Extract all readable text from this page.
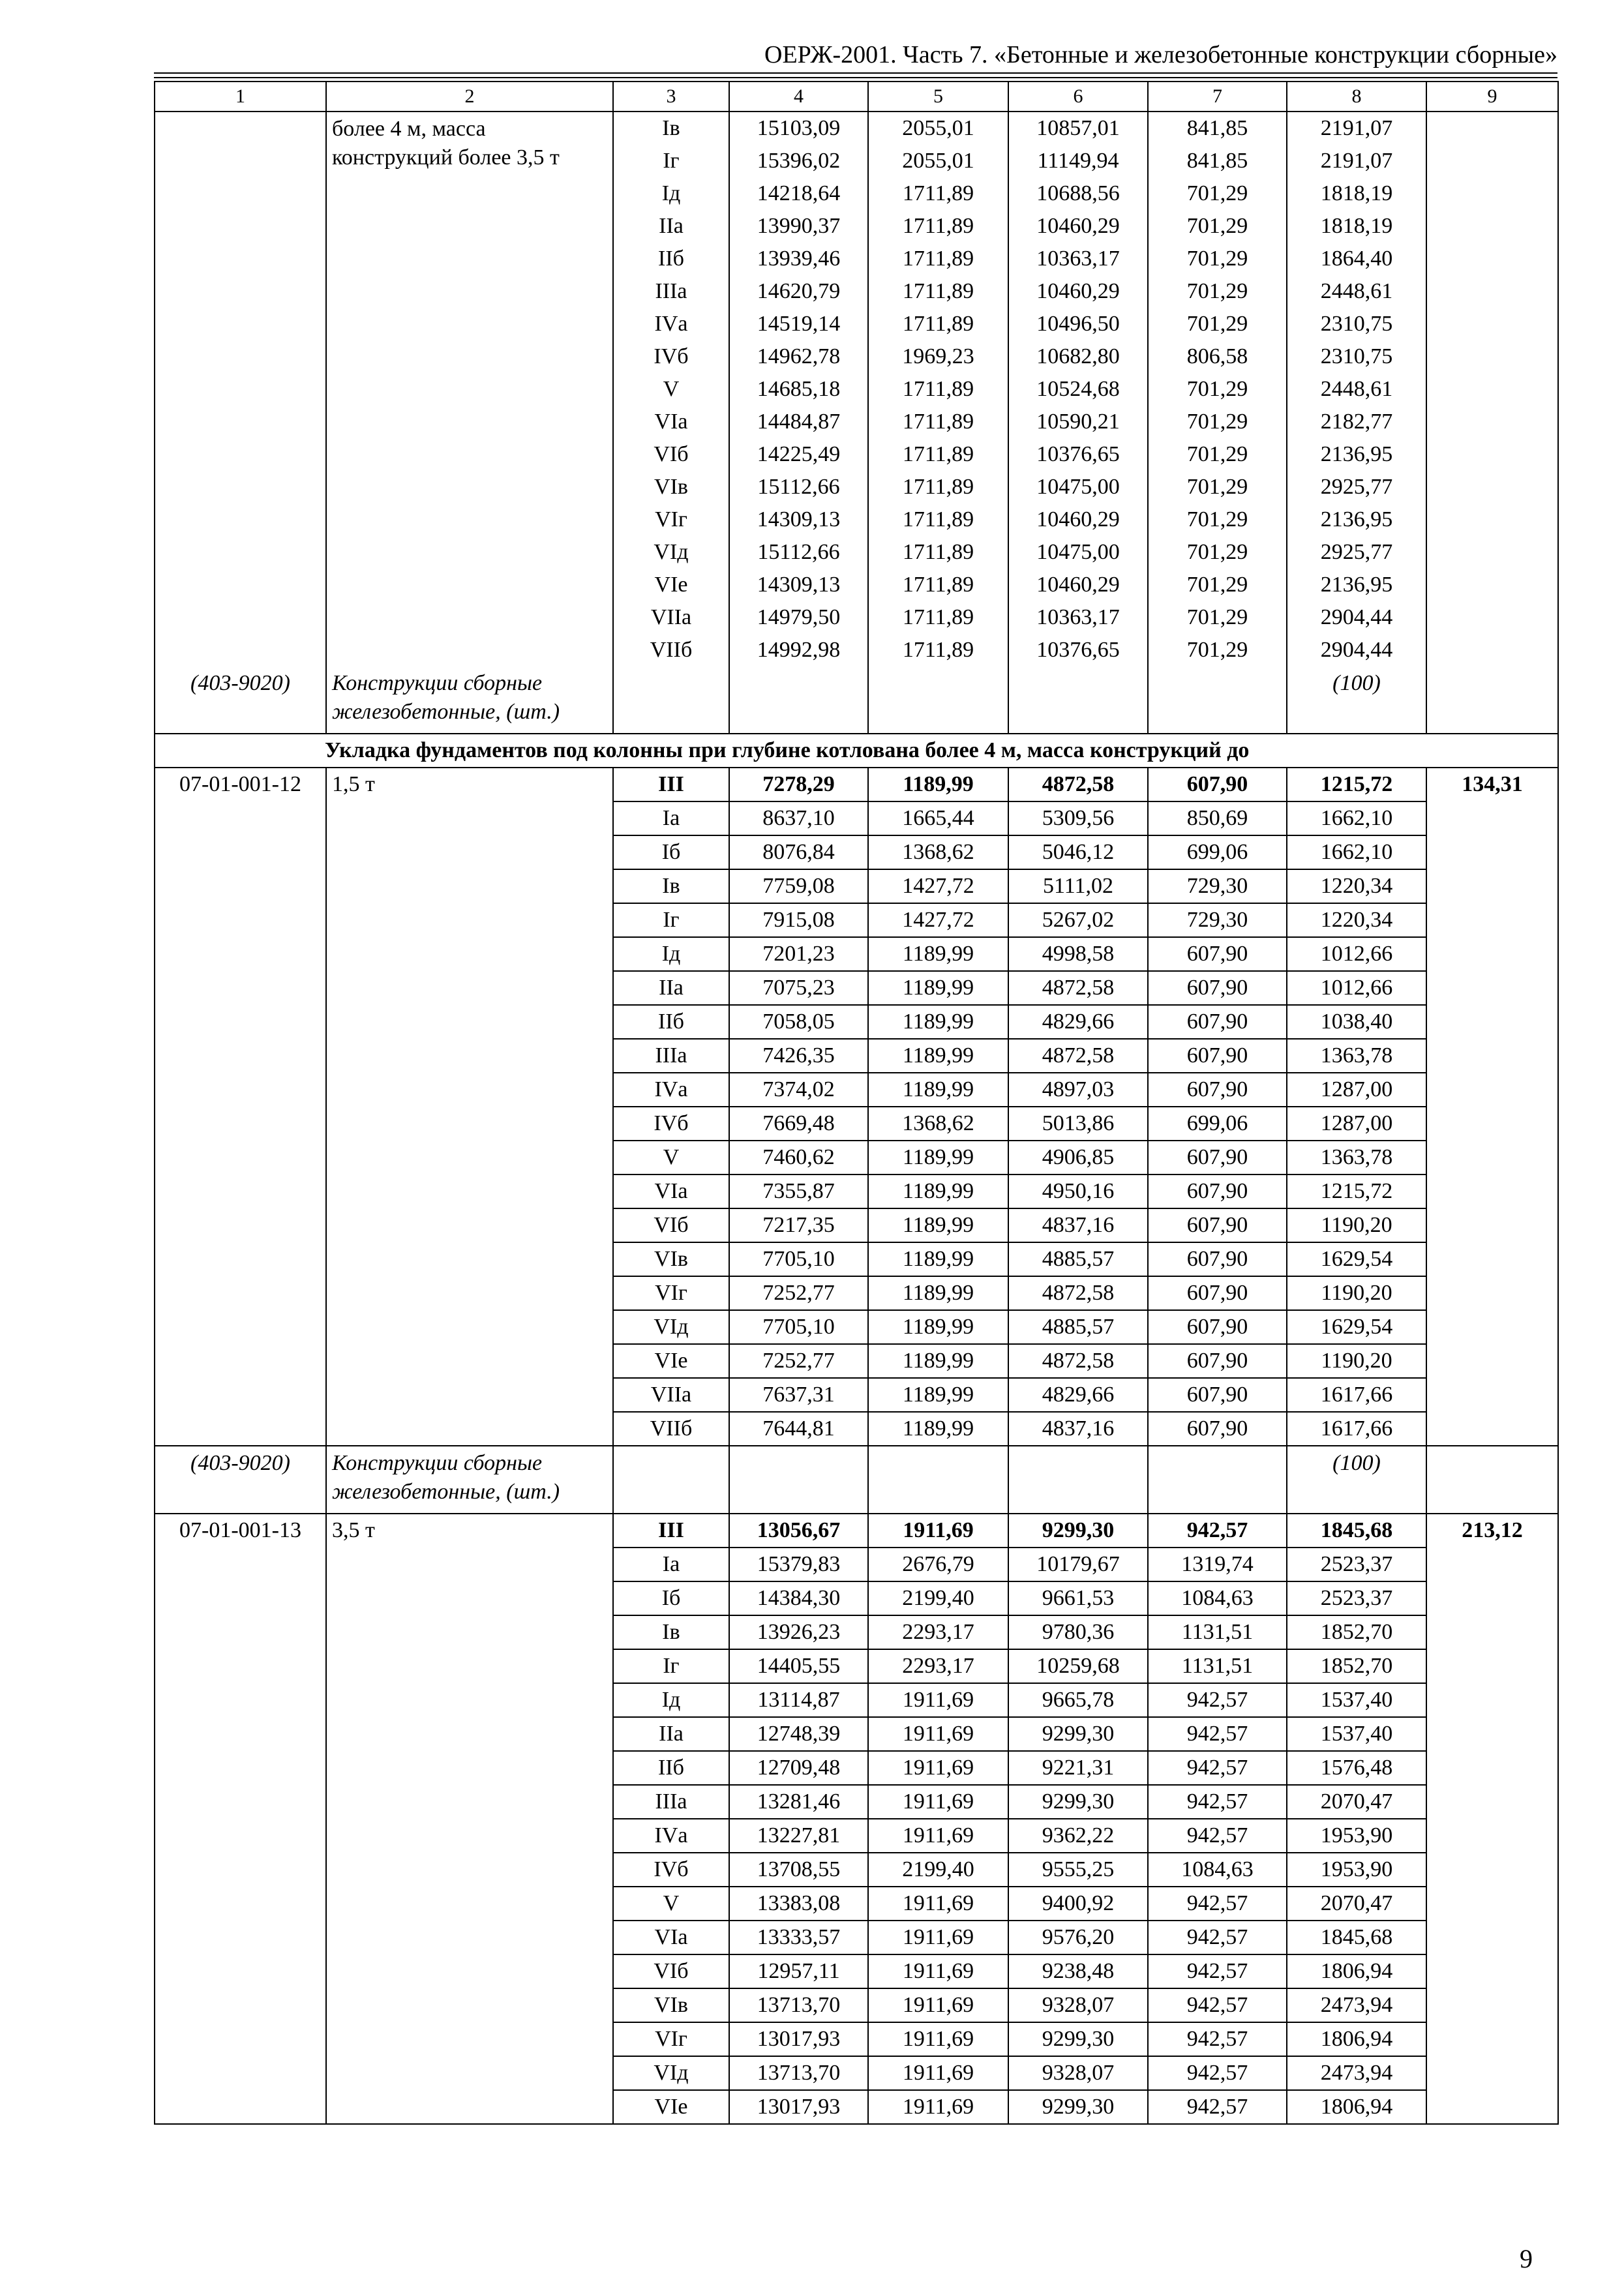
ОЕРЖ-2001. Часть 7. «Бетонные и железобетонные конструкции сборные»
1	2	3	4	5	6	7	8	9
	более 4 м, масса конструкций более 3,5 т	Iв	15103,09	2055,01	10857,01	841,85	2191,07	
		Iг	15396,02	2055,01	11149,94	841,85	2191,07	
		Iд	14218,64	1711,89	10688,56	701,29	1818,19	
		IIа	13990,37	1711,89	10460,29	701,29	1818,19	
		IIб	13939,46	1711,89	10363,17	701,29	1864,40	
		IIIа	14620,79	1711,89	10460,29	701,29	2448,61	
		IVа	14519,14	1711,89	10496,50	701,29	2310,75	
		IVб	14962,78	1969,23	10682,80	806,58	2310,75	
		V	14685,18	1711,89	10524,68	701,29	2448,61	
		VIа	14484,87	1711,89	10590,21	701,29	2182,77	
		VIб	14225,49	1711,89	10376,65	701,29	2136,95	
		VIв	15112,66	1711,89	10475,00	701,29	2925,77	
		VIг	14309,13	1711,89	10460,29	701,29	2136,95	
		VIд	15112,66	1711,89	10475,00	701,29	2925,77	
		VIе	14309,13	1711,89	10460,29	701,29	2136,95	
		VIIа	14979,50	1711,89	10363,17	701,29	2904,44	
		VIIб	14992,98	1711,89	10376,65	701,29	2904,44	
(403-9020)	Конструкции сборные железобетонные, (шт.)						(100)	
Укладка фундаментов под колонны при глубине котлована более 4 м, масса конструкций до								
07-01-001-12	1,5 т	III	7278,29	1189,99	4872,58	607,90	1215,72	134,31
		Iа	8637,10	1665,44	5309,56	850,69	1662,10	
		Iб	8076,84	1368,62	5046,12	699,06	1662,10	
		Iв	7759,08	1427,72	5111,02	729,30	1220,34	
		Iг	7915,08	1427,72	5267,02	729,30	1220,34	
		Iд	7201,23	1189,99	4998,58	607,90	1012,66	
		IIа	7075,23	1189,99	4872,58	607,90	1012,66	
		IIб	7058,05	1189,99	4829,66	607,90	1038,40	
		IIIа	7426,35	1189,99	4872,58	607,90	1363,78	
		IVа	7374,02	1189,99	4897,03	607,90	1287,00	
		IVб	7669,48	1368,62	5013,86	699,06	1287,00	
		V	7460,62	1189,99	4906,85	607,90	1363,78	
		VIа	7355,87	1189,99	4950,16	607,90	1215,72	
		VIб	7217,35	1189,99	4837,16	607,90	1190,20	
		VIв	7705,10	1189,99	4885,57	607,90	1629,54	
		VIг	7252,77	1189,99	4872,58	607,90	1190,20	
		VIд	7705,10	1189,99	4885,57	607,90	1629,54	
		VIе	7252,77	1189,99	4872,58	607,90	1190,20	
		VIIа	7637,31	1189,99	4829,66	607,90	1617,66	
		VIIб	7644,81	1189,99	4837,16	607,90	1617,66	
(403-9020)	Конструкции сборные железобетонные, (шт.)						(100)	
07-01-001-13	3,5 т	III	13056,67	1911,69	9299,30	942,57	1845,68	213,12
		Iа	15379,83	2676,79	10179,67	1319,74	2523,37	
		Iб	14384,30	2199,40	9661,53	1084,63	2523,37	
		Iв	13926,23	2293,17	9780,36	1131,51	1852,70	
		Iг	14405,55	2293,17	10259,68	1131,51	1852,70	
		Iд	13114,87	1911,69	9665,78	942,57	1537,40	
		IIа	12748,39	1911,69	9299,30	942,57	1537,40	
		IIб	12709,48	1911,69	9221,31	942,57	1576,48	
		IIIа	13281,46	1911,69	9299,30	942,57	2070,47	
		IVа	13227,81	1911,69	9362,22	942,57	1953,90	
		IVб	13708,55	2199,40	9555,25	1084,63	1953,90	
		V	13383,08	1911,69	9400,92	942,57	2070,47	
		VIа	13333,57	1911,69	9576,20	942,57	1845,68	
		VIб	12957,11	1911,69	9238,48	942,57	1806,94	
		VIв	13713,70	1911,69	9328,07	942,57	2473,94	
		VIг	13017,93	1911,69	9299,30	942,57	1806,94	
		VIд	13713,70	1911,69	9328,07	942,57	2473,94	
		VIе	13017,93	1911,69	9299,30	942,57	1806,94	
9
